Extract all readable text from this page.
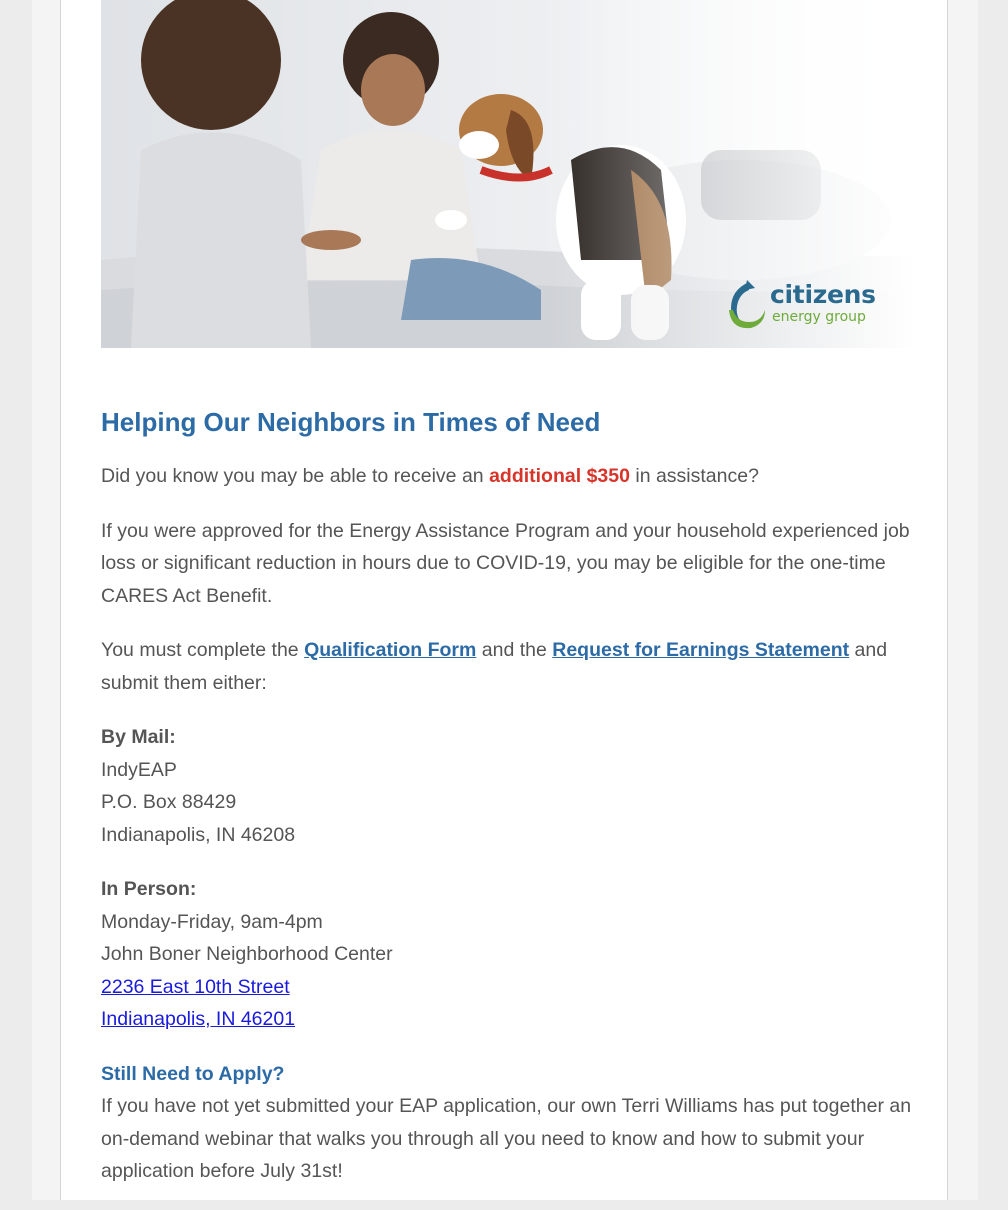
citizens
energy group
Helping Our Neighbors in Times of Need

Did you know you may be able to receive an additional $350 in assistance?

If you were approved for the Energy Assistance Program and your household experienced job loss or significant reduction in hours due to COVID-19, you may be eligible for the one-time CARES Act Benefit.

You must complete the Qualification Form and the Request for Earnings Statement and submit them either:

By Mail:
IndyEAP
P.O. Box 88429
Indianapolis, IN 46208

In Person:
Monday-Friday, 9am-4pm
John Boner Neighborhood Center
2236 East 10th Street
Indianapolis, IN 46201

Still Need to Apply?
If you have not yet submitted your EAP application, our own Terri Williams has put together an on-demand webinar that walks you through all you need to know and how to submit your application before July 31st!
